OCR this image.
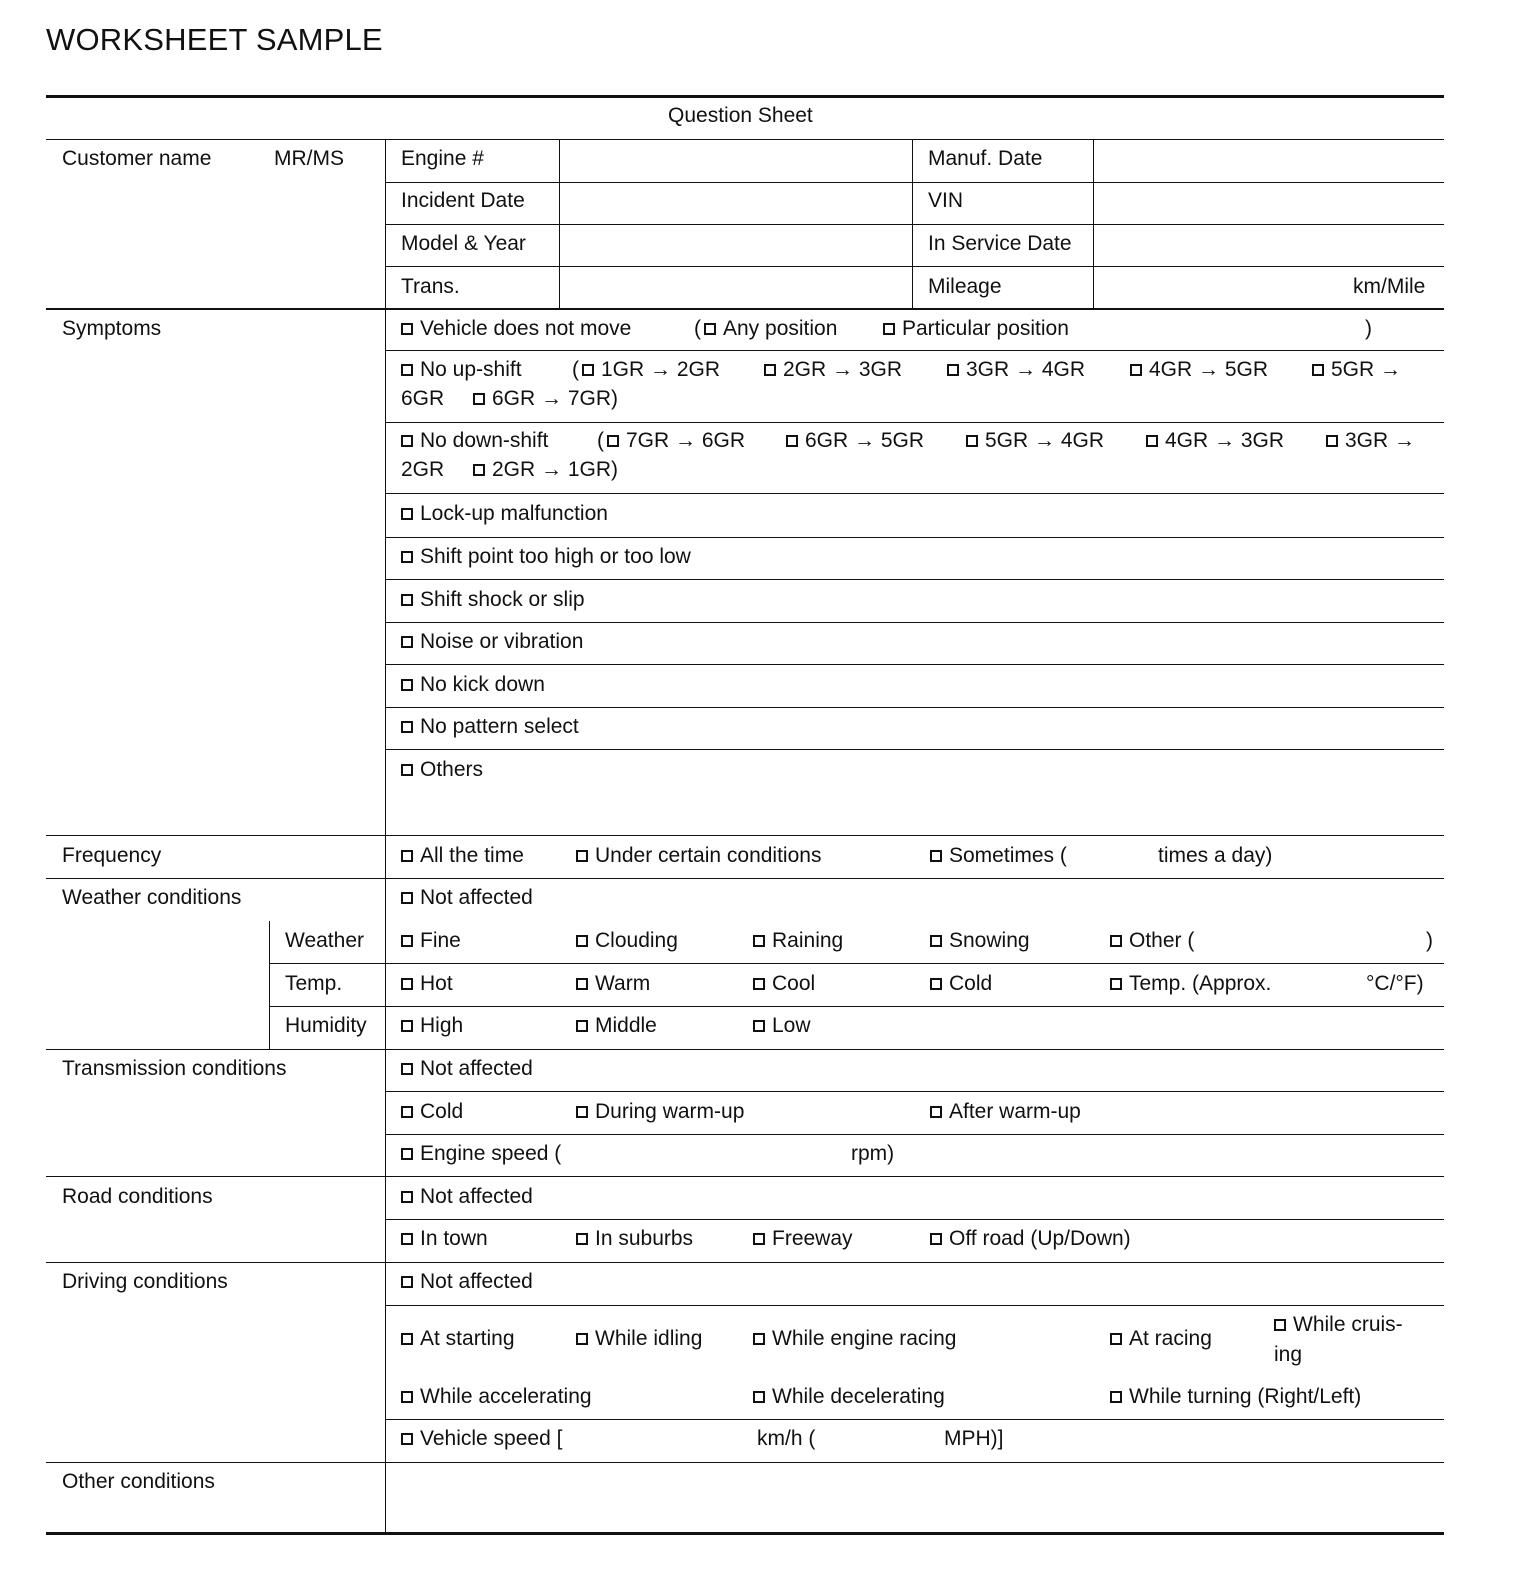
WORKSHEET SAMPLE
Question Sheet
Customer name	MR/MS	Engine #	Manuf. Date
Incident Date	VIN
Model & Year	In Service Date
Trans.	Mileage	km/Mile
Symptoms	Vehicle does not move	(	Any position	Particular position	)
No up-shift (	1GR → 2GR	2GR → 3GR	3GR → 4GR	4GR → 5GR	5GR →
6GR	6GR → 7GR)
No down-shift (	7GR → 6GR	6GR → 5GR	5GR → 4GR	4GR → 3GR	3GR →
2GR	2GR → 1GR)
Lock-up malfunction
Shift point too high or too low
Shift shock or slip
Noise or vibration
No kick down
No pattern select
Others
Frequency	All the time	Under certain conditions	Sometimes (	times a day)
Weather conditions	Not affected
Weather	Fine	Clouding	Raining	Snowing	Other (	)
Temp.	Hot	Warm	Cool	Cold	Temp. (Approx.	°C/°F)
Humidity	High	Middle	Low
Transmission conditions	Not affected
Cold	During warm-up	After warm-up
Engine speed (	rpm)
Road conditions	Not affected
In town	In suburbs	Freeway	Off road (Up/Down)
Driving conditions	Not affected
At starting	While idling	While engine racing	At racing
While cruis-
ing
While accelerating	While decelerating	While turning (Right/Left)
Vehicle speed [	km/h (	MPH)]
Other conditions
